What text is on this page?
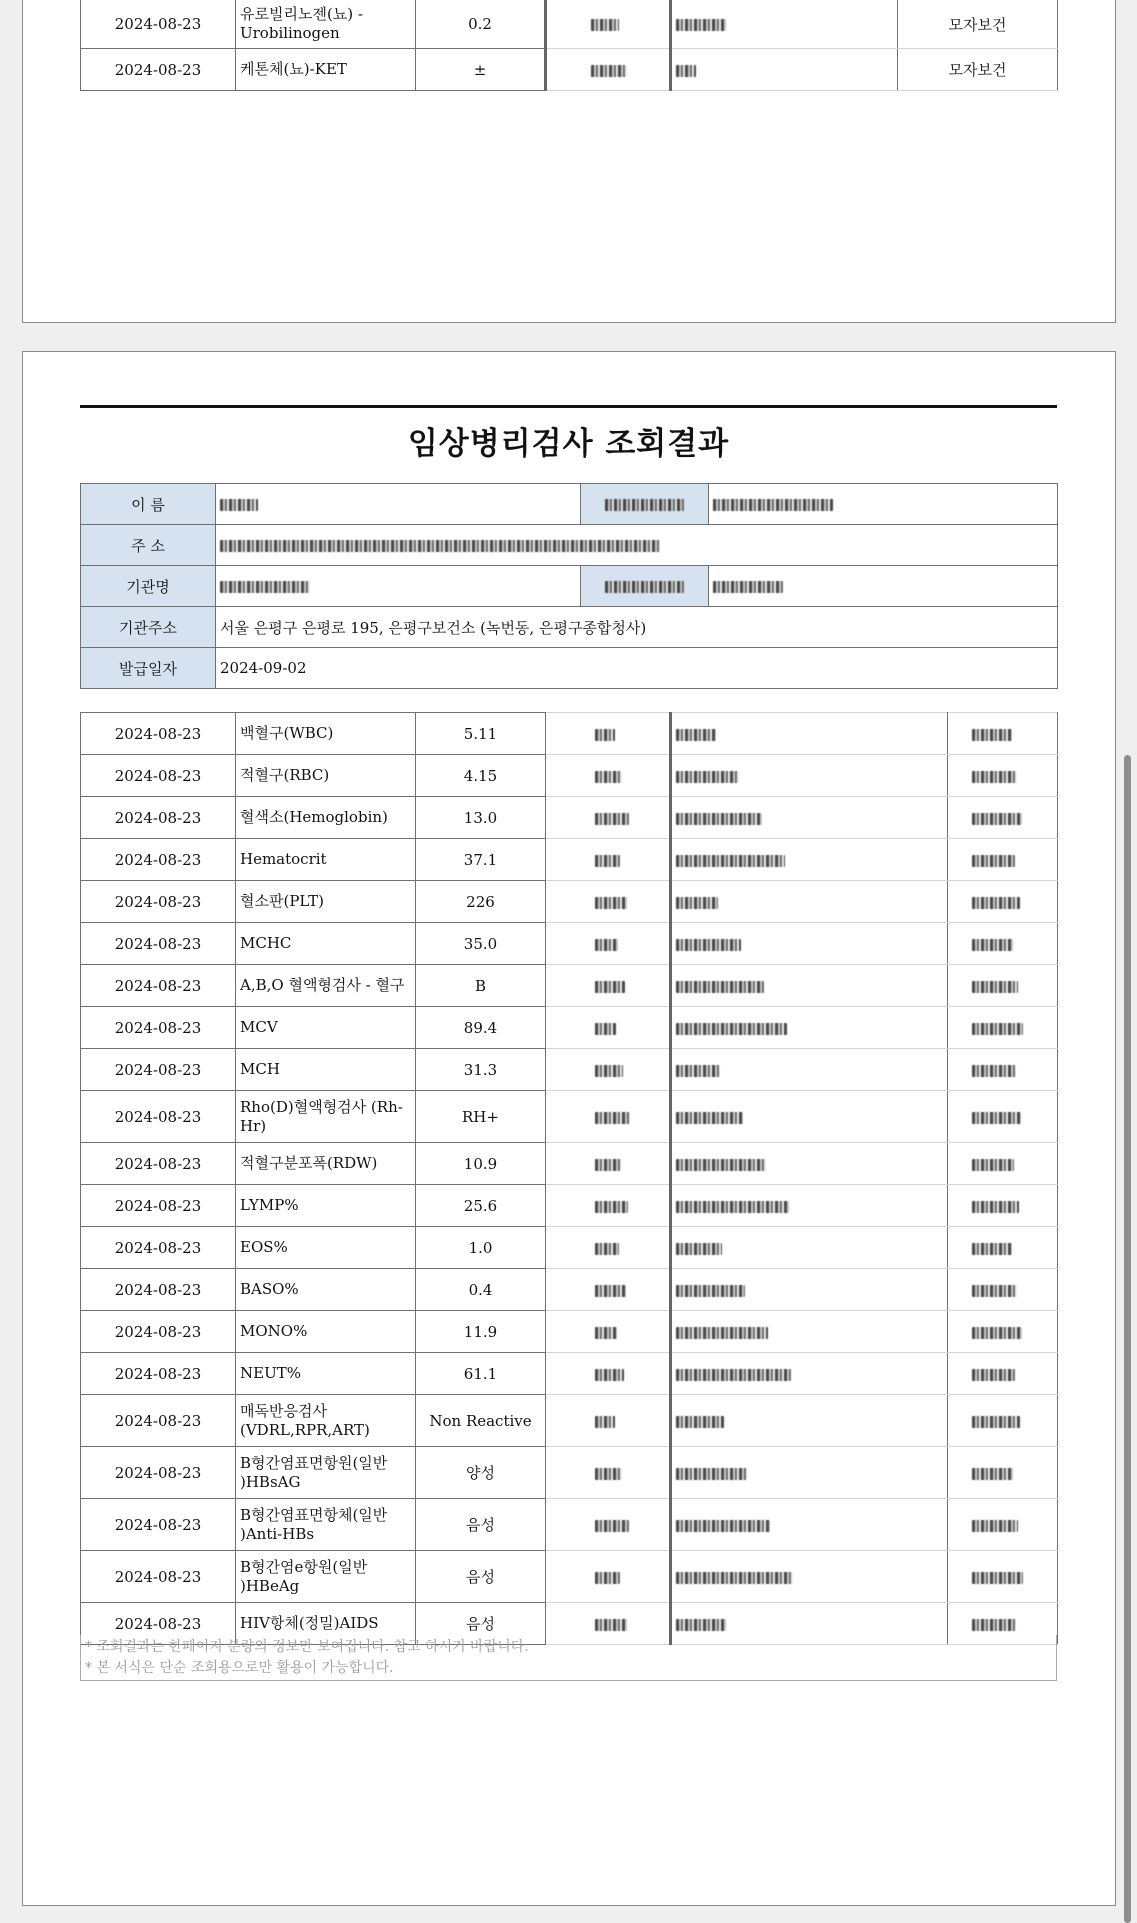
2024-08-23	유로빌리노젠(뇨) - Urobilinogen	0.2			모자보건
2024-08-23	케톤체(뇨)-KET	±			모자보건
임상병리검사 조회결과
이 름			
주 소			
기관명			
기관주소	서울 은평구 은평로 195, 은평구보건소 (녹번동, 은평구종합청사)		
발급일자	2024-09-02		
2024-08-23	백혈구(WBC)	5.11			
2024-08-23	적혈구(RBC)	4.15			
2024-08-23	혈색소(Hemoglobin)	13.0			
2024-08-23	Hematocrit	37.1			
2024-08-23	혈소판(PLT)	226			
2024-08-23	MCHC	35.0			
2024-08-23	A,B,O 혈액형검사 - 혈구	B			
2024-08-23	MCV	89.4			
2024-08-23	MCH	31.3			
2024-08-23	Rho(D)혈액형검사 (Rh-Hr)	RH+			
2024-08-23	적혈구분포폭(RDW)	10.9			
2024-08-23	LYMP%	25.6			
2024-08-23	EOS%	1.0			
2024-08-23	BASO%	0.4			
2024-08-23	MONO%	11.9			
2024-08-23	NEUT%	61.1			
2024-08-23	매독반응검사 (VDRL,RPR,ART)	Non Reactive			
2024-08-23	B형간염표면항원(일반 )HBsAG	양성			
2024-08-23	B형간염표면항체(일반 )Anti-HBs	음성			
2024-08-23	B형간염e항원(일반 )HBeAg	음성			
2024-08-23	HIV항체(정밀)AIDS	음성			
* 조회결과는 한페이지 분량의 정보만 보여집니다. 참고 하시기 바랍니다.
* 본 서식은 단순 조회용으로만 활용이 가능합니다.
